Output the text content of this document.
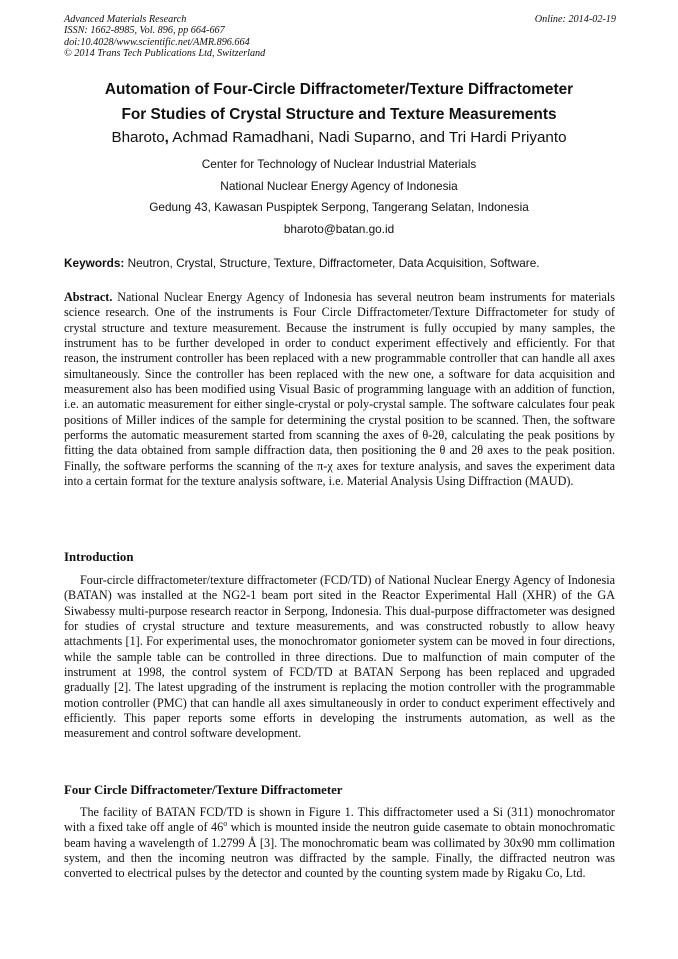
Advanced Materials Research
ISSN: 1662-8985, Vol. 896, pp 664-667
doi:10.4028/www.scientific.net/AMR.896.664
© 2014 Trans Tech Publications Ltd, Switzerland
Online: 2014-02-19
Automation of Four-Circle Diffractometer/Texture Diffractometer
For Studies of Crystal Structure and Texture Measurements
Bharoto, Achmad Ramadhani, Nadi Suparno, and Tri Hardi Priyanto
Center for Technology of Nuclear Industrial Materials
National Nuclear Energy Agency of Indonesia
Gedung 43, Kawasan Puspiptek Serpong, Tangerang Selatan, Indonesia
bharoto@batan.go.id
Keywords: Neutron, Crystal, Structure, Texture, Diffractometer, Data Acquisition, Software.
Abstract. National Nuclear Energy Agency of Indonesia has several neutron beam instruments for materials science research. One of the instruments is Four Circle Diffractometer/Texture Diffractometer for study of crystal structure and texture measurement. Because the instrument is fully occupied by many samples, the instrument has to be further developed in order to conduct experiment effectively and efficiently. For that reason, the instrument controller has been replaced with a new programmable controller that can handle all axes simultaneously. Since the controller has been replaced with the new one, a software for data acquisition and measurement also has been modified using Visual Basic of programming language with an addition of function, i.e. an automatic measurement for either single-crystal or poly-crystal sample. The software calculates four peak positions of Miller indices of the sample for determining the crystal position to be scanned. Then, the software performs the automatic measurement started from scanning the axes of θ-2θ, calculating the peak positions by fitting the data obtained from sample diffraction data, then positioning the θ and 2θ axes to the peak position. Finally, the software performs the scanning of the π-χ axes for texture analysis, and saves the experiment data into a certain format for the texture analysis software, i.e. Material Analysis Using Diffraction (MAUD).
Introduction
Four-circle diffractometer/texture diffractometer (FCD/TD) of National Nuclear Energy Agency of Indonesia (BATAN) was installed at the NG2-1 beam port sited in the Reactor Experimental Hall (XHR) of the GA Siwabessy multi-purpose research reactor in Serpong, Indonesia. This dual-purpose diffractometer was designed for studies of crystal structure and texture measurements, and was constructed robustly to allow heavy attachments [1]. For experimental uses, the monochromator goniometer system can be moved in four directions, while the sample table can be controlled in three directions. Due to malfunction of main computer of the instrument at 1998, the control system of FCD/TD at BATAN Serpong has been replaced and upgraded gradually [2]. The latest upgrading of the instrument is replacing the motion controller with the programmable motion controller (PMC) that can handle all axes simultaneously in order to conduct experiment effectively and efficiently. This paper reports some efforts in developing the instruments automation, as well as the measurement and control software development.
Four Circle Diffractometer/Texture Diffractometer
The facility of BATAN FCD/TD is shown in Figure 1. This diffractometer used a Si (311) monochromator with a fixed take off angle of 46$^o$ which is mounted inside the neutron guide casemate to obtain monochromatic beam having a wavelength of 1.2799 Å [3]. The monochromatic beam was collimated by 30x90 mm collimation system, and then the incoming neutron was diffracted by the sample. Finally, the diffracted neutron was converted to electrical pulses by the detector and counted by the counting system made by Rigaku Co, Ltd.
